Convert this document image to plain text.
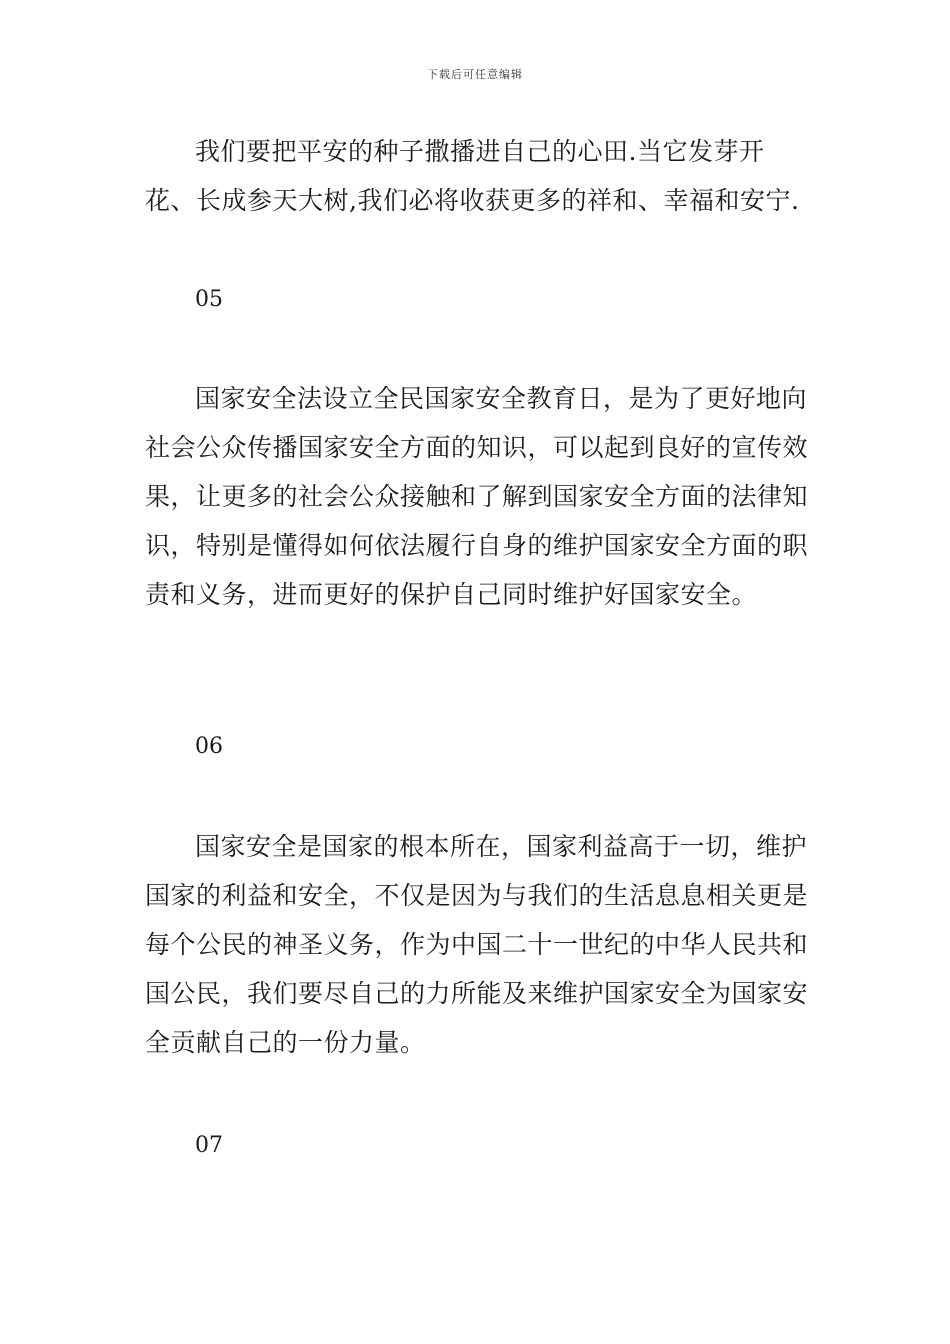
下载后可任意编辑

我们要把平安的种子撒播进自己的心田.当它发芽开花、长成参天大树,我们必将收获更多的祥和、幸福和安宁.

05

国家安全法设立全民国家安全教育日，是为了更好地向社会公众传播国家安全方面的知识，可以起到良好的宣传效果，让更多的社会公众接触和了解到国家安全方面的法律知识，特别是懂得如何依法履行自身的维护国家安全方面的职责和义务，进而更好的保护自己同时维护好国家安全。

06

国家安全是国家的根本所在，国家利益高于一切，维护国家的利益和安全，不仅是因为与我们的生活息息相关更是每个公民的神圣义务，作为中国二十一世纪的中华人民共和国公民，我们要尽自己的力所能及来维护国家安全为国家安全贡献自己的一份力量。

07
